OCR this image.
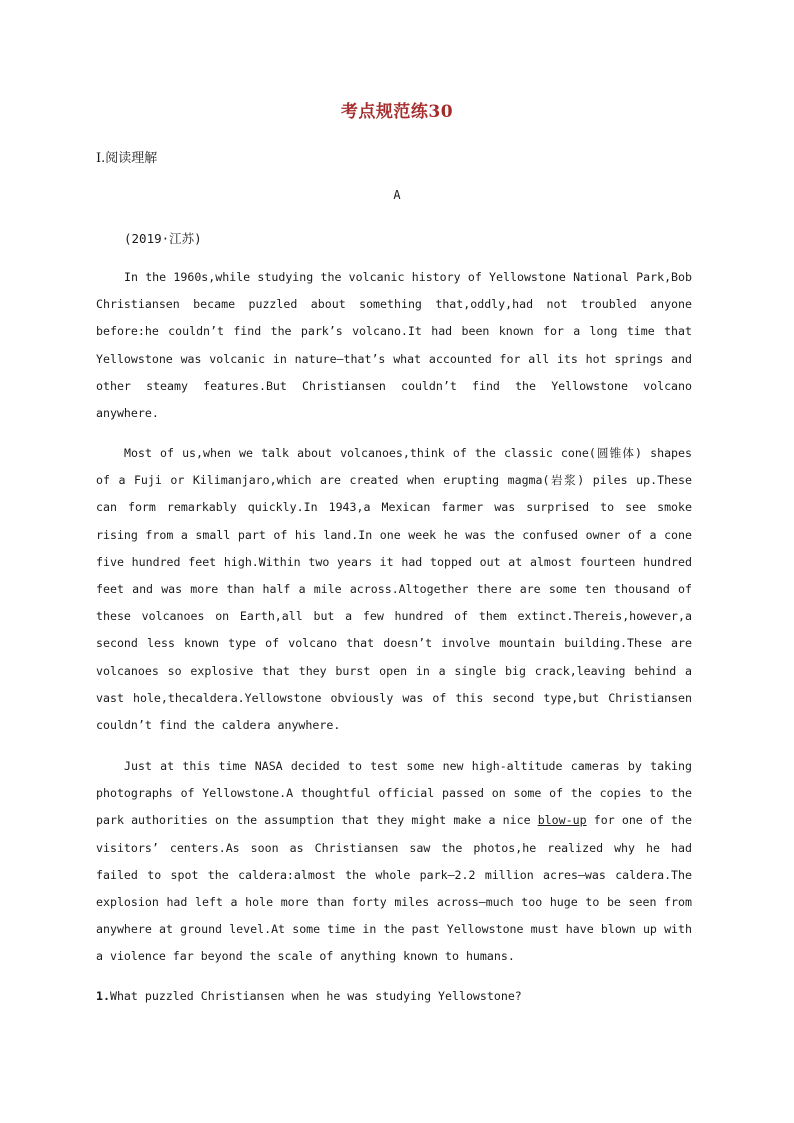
考点规范练30
Ⅰ.阅读理解
A
(2019·江苏)

In the 1960s,while studying the volcanic history of Yellowstone National Park,Bob Christiansen became puzzled about something that,oddly,had not troubled anyone before:he couldn’t find the park’s volcano.It had been known for a long time that Yellowstone was volcanic in nature—that’s what accounted for all its hot springs and other steamy features.But Christiansen couldn’t find the Yellowstone volcano anywhere.

Most of us,when we talk about volcanoes,think of the classic cone(圆锥体) shapes of a Fuji or Kilimanjaro,which are created when erupting magma(岩浆) piles up.These can form remarkably quickly.In 1943,a Mexican farmer was surprised to see smoke rising from a small part of his land.In one week he was the confused owner of a cone five hundred feet high.Within two years it had topped out at almost fourteen hundred feet and was more than half a mile across.Altogether there are some ten thousand of these volcanoes on Earth,all but a few hundred of them extinct.Thereis,however,a second less known type of volcano that doesn’t involve mountain building.These are volcanoes so explosive that they burst open in a single big crack,leaving behind a vast hole,thecaldera.Yellowstone obviously was of this second type,but Christiansen couldn’t find the caldera anywhere.

Just at this time NASA decided to test some new high-altitude cameras by taking photographs of Yellowstone.A thoughtful official passed on some of the copies to the park authorities on the assumption that they might make a nice blow-up for one of the visitors’ centers.As soon as Christiansen saw the photos,he realized why he had failed to spot the caldera:almost the whole park—2.2 million acres—was caldera.The explosion had left a hole more than forty miles across—much too huge to be seen from anywhere at ground level.At some time in the past Yellowstone must have blown up with a violence far beyond the scale of anything known to humans.

1.What puzzled Christiansen when he was studying Yellowstone?
